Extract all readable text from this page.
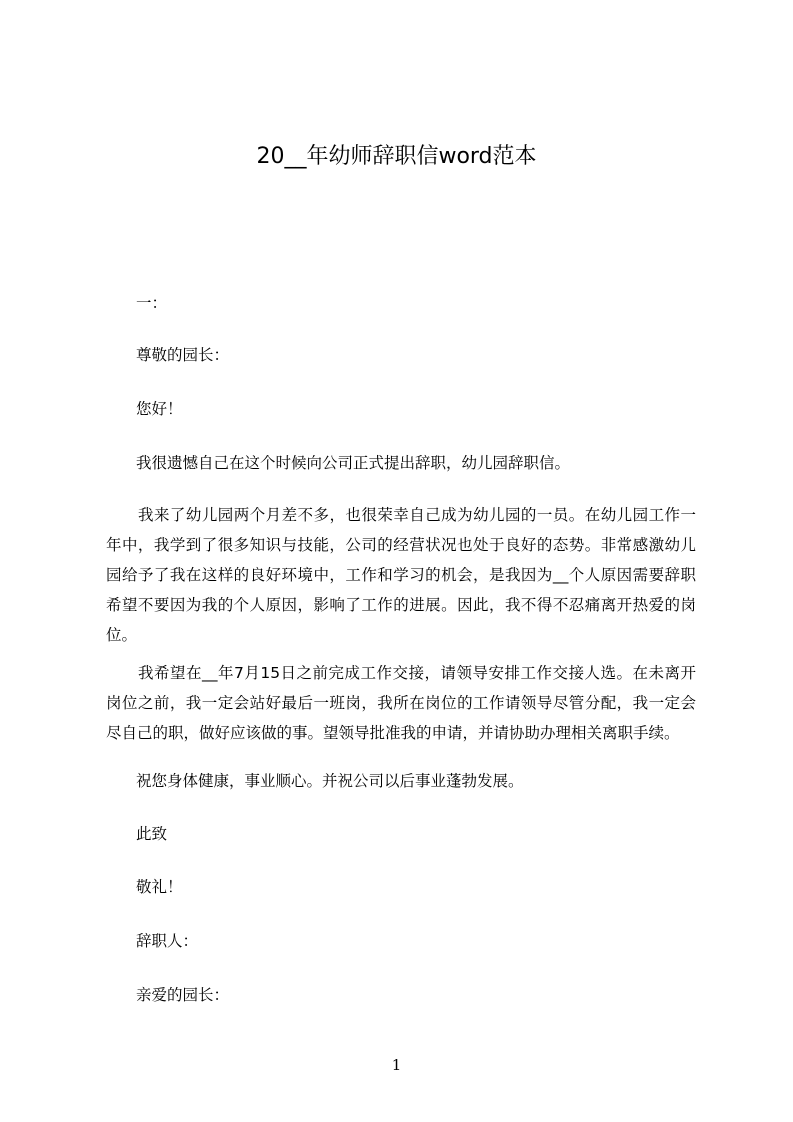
20__年幼师辞职信word范本
一：
尊敬的园长：
您好！
我很遗憾自己在这个时候向公司正式提出辞职，幼儿园辞职信。
我来了幼儿园两个月差不多，也很荣幸自己成为幼儿园的一员。在幼儿园工作一
年中，我学到了很多知识与技能，公司的经营状况也处于良好的态势。非常感激幼儿
园给予了我在这样的良好环境中，工作和学习的机会，是我因为__个人原因需要辞职
希望不要因为我的个人原因，影响了工作的进展。因此，我不得不忍痛离开热爱的岗
位。
我希望在__年7月15日之前完成工作交接，请领导安排工作交接人选。在未离开
岗位之前，我一定会站好最后一班岗，我所在岗位的工作请领导尽管分配，我一定会
尽自己的职，做好应该做的事。望领导批准我的申请，并请协助办理相关离职手续。
祝您身体健康，事业顺心。并祝公司以后事业蓬勃发展。
此致
敬礼！
辞职人：
亲爱的园长：
1
